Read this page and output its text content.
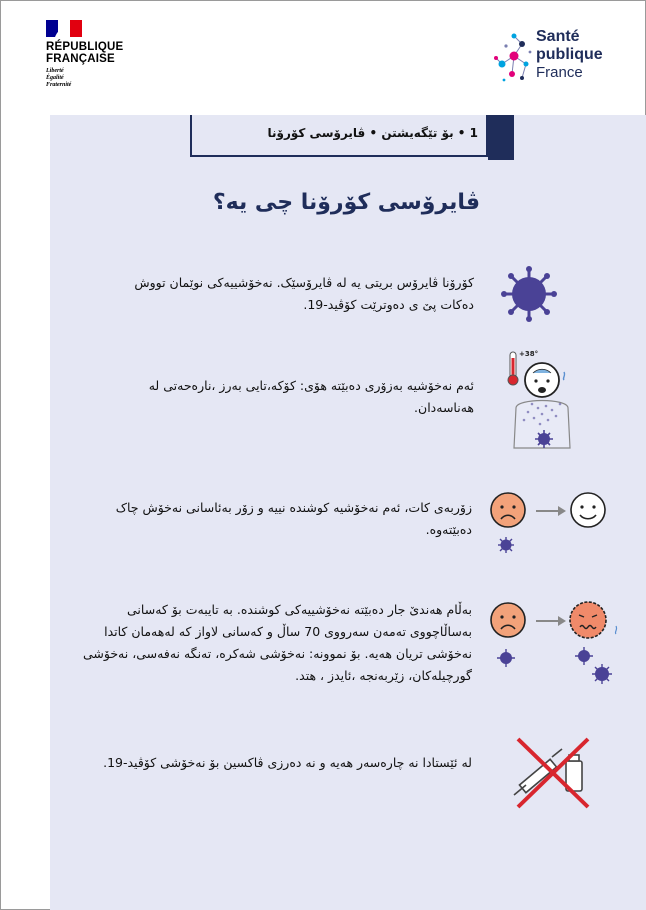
RÉPUBLIQUE
FRANÇAISE
Liberté
Égalité
Fraternité
Santé
publique
France
1 • بۆ تێگەیشتن • ڤایرۆسی کۆرۆنا
ڤایرۆسی کۆرۆنا چی یە؟
کۆرۆنا ڤایرۆس بریتی یە لە ڤایرۆسێک. نەخۆشییەکی نوێمان تووش دەکات پێ ی دەوترێت کۆڤید-19.
ئەم نەخۆشیە بەزۆری دەبێتە هۆی: کۆکە،تایی بەرز ،نارەحەتی لە هەناسەدان.
زۆربەی کات، ئەم نەخۆشیە کوشندە نییە و زۆر بەئاسانی نەخۆش چاک دەبێتەوە.
بەڵام هەندێ جار دەبێتە نەخۆشییەکی کوشندە. بە تایبەت بۆ کەسانی بەساڵاچووی تەمەن سەرووی 70 ساڵ و کەسانی لاواز کە لەهەمان کاتدا نەخۆشی تریان هەیە. بۆ نموونە: نەخۆشی شەکرە، تەنگە نەفەسی، نەخۆشی گورچیلەکان، زێربەنجە ،ئایدز ، هتد.
لە ئێستادا نە چارەسەر هەیە و نە دەرزی ڤاکسین بۆ نەخۆشی کۆڤید-19.
+38°
